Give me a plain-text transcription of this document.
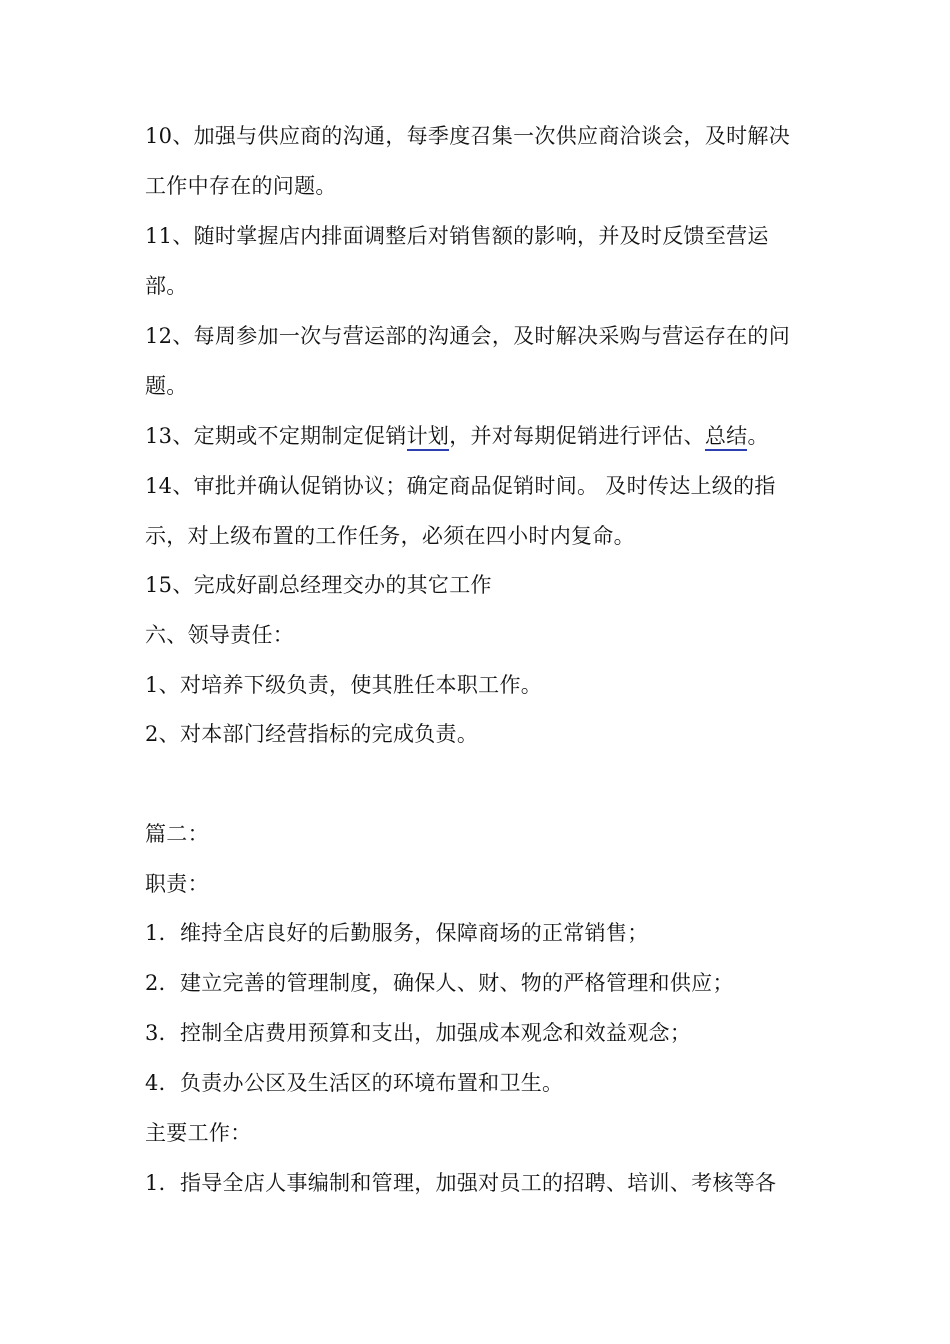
10、加强与供应商的沟通，每季度召集一次供应商洽谈会，及时解决
工作中存在的问题。
11、随时掌握店内排面调整后对销售额的影响，并及时反馈至营运
部。
12、每周参加一次与营运部的沟通会，及时解决采购与营运存在的问
题。
13、定期或不定期制定促销计划，并对每期促销进行评估、总结。
14、审批并确认促销协议；确定商品促销时间。 及时传达上级的指
示，对上级布置的工作任务，必须在四小时内复命。
15、完成好副总经理交办的其它工作
六、领导责任：
1、对培养下级负责，使其胜任本职工作。
2、对本部门经营指标的完成负责。
篇二：
职责：
1．维持全店良好的后勤服务，保障商场的正常销售；
2．建立完善的管理制度，确保人、财、物的严格管理和供应；
3．控制全店费用预算和支出，加强成本观念和效益观念；
4．负责办公区及生活区的环境布置和卫生。
主要工作：
1．指导全店人事编制和管理，加强对员工的招聘、培训、考核等各
